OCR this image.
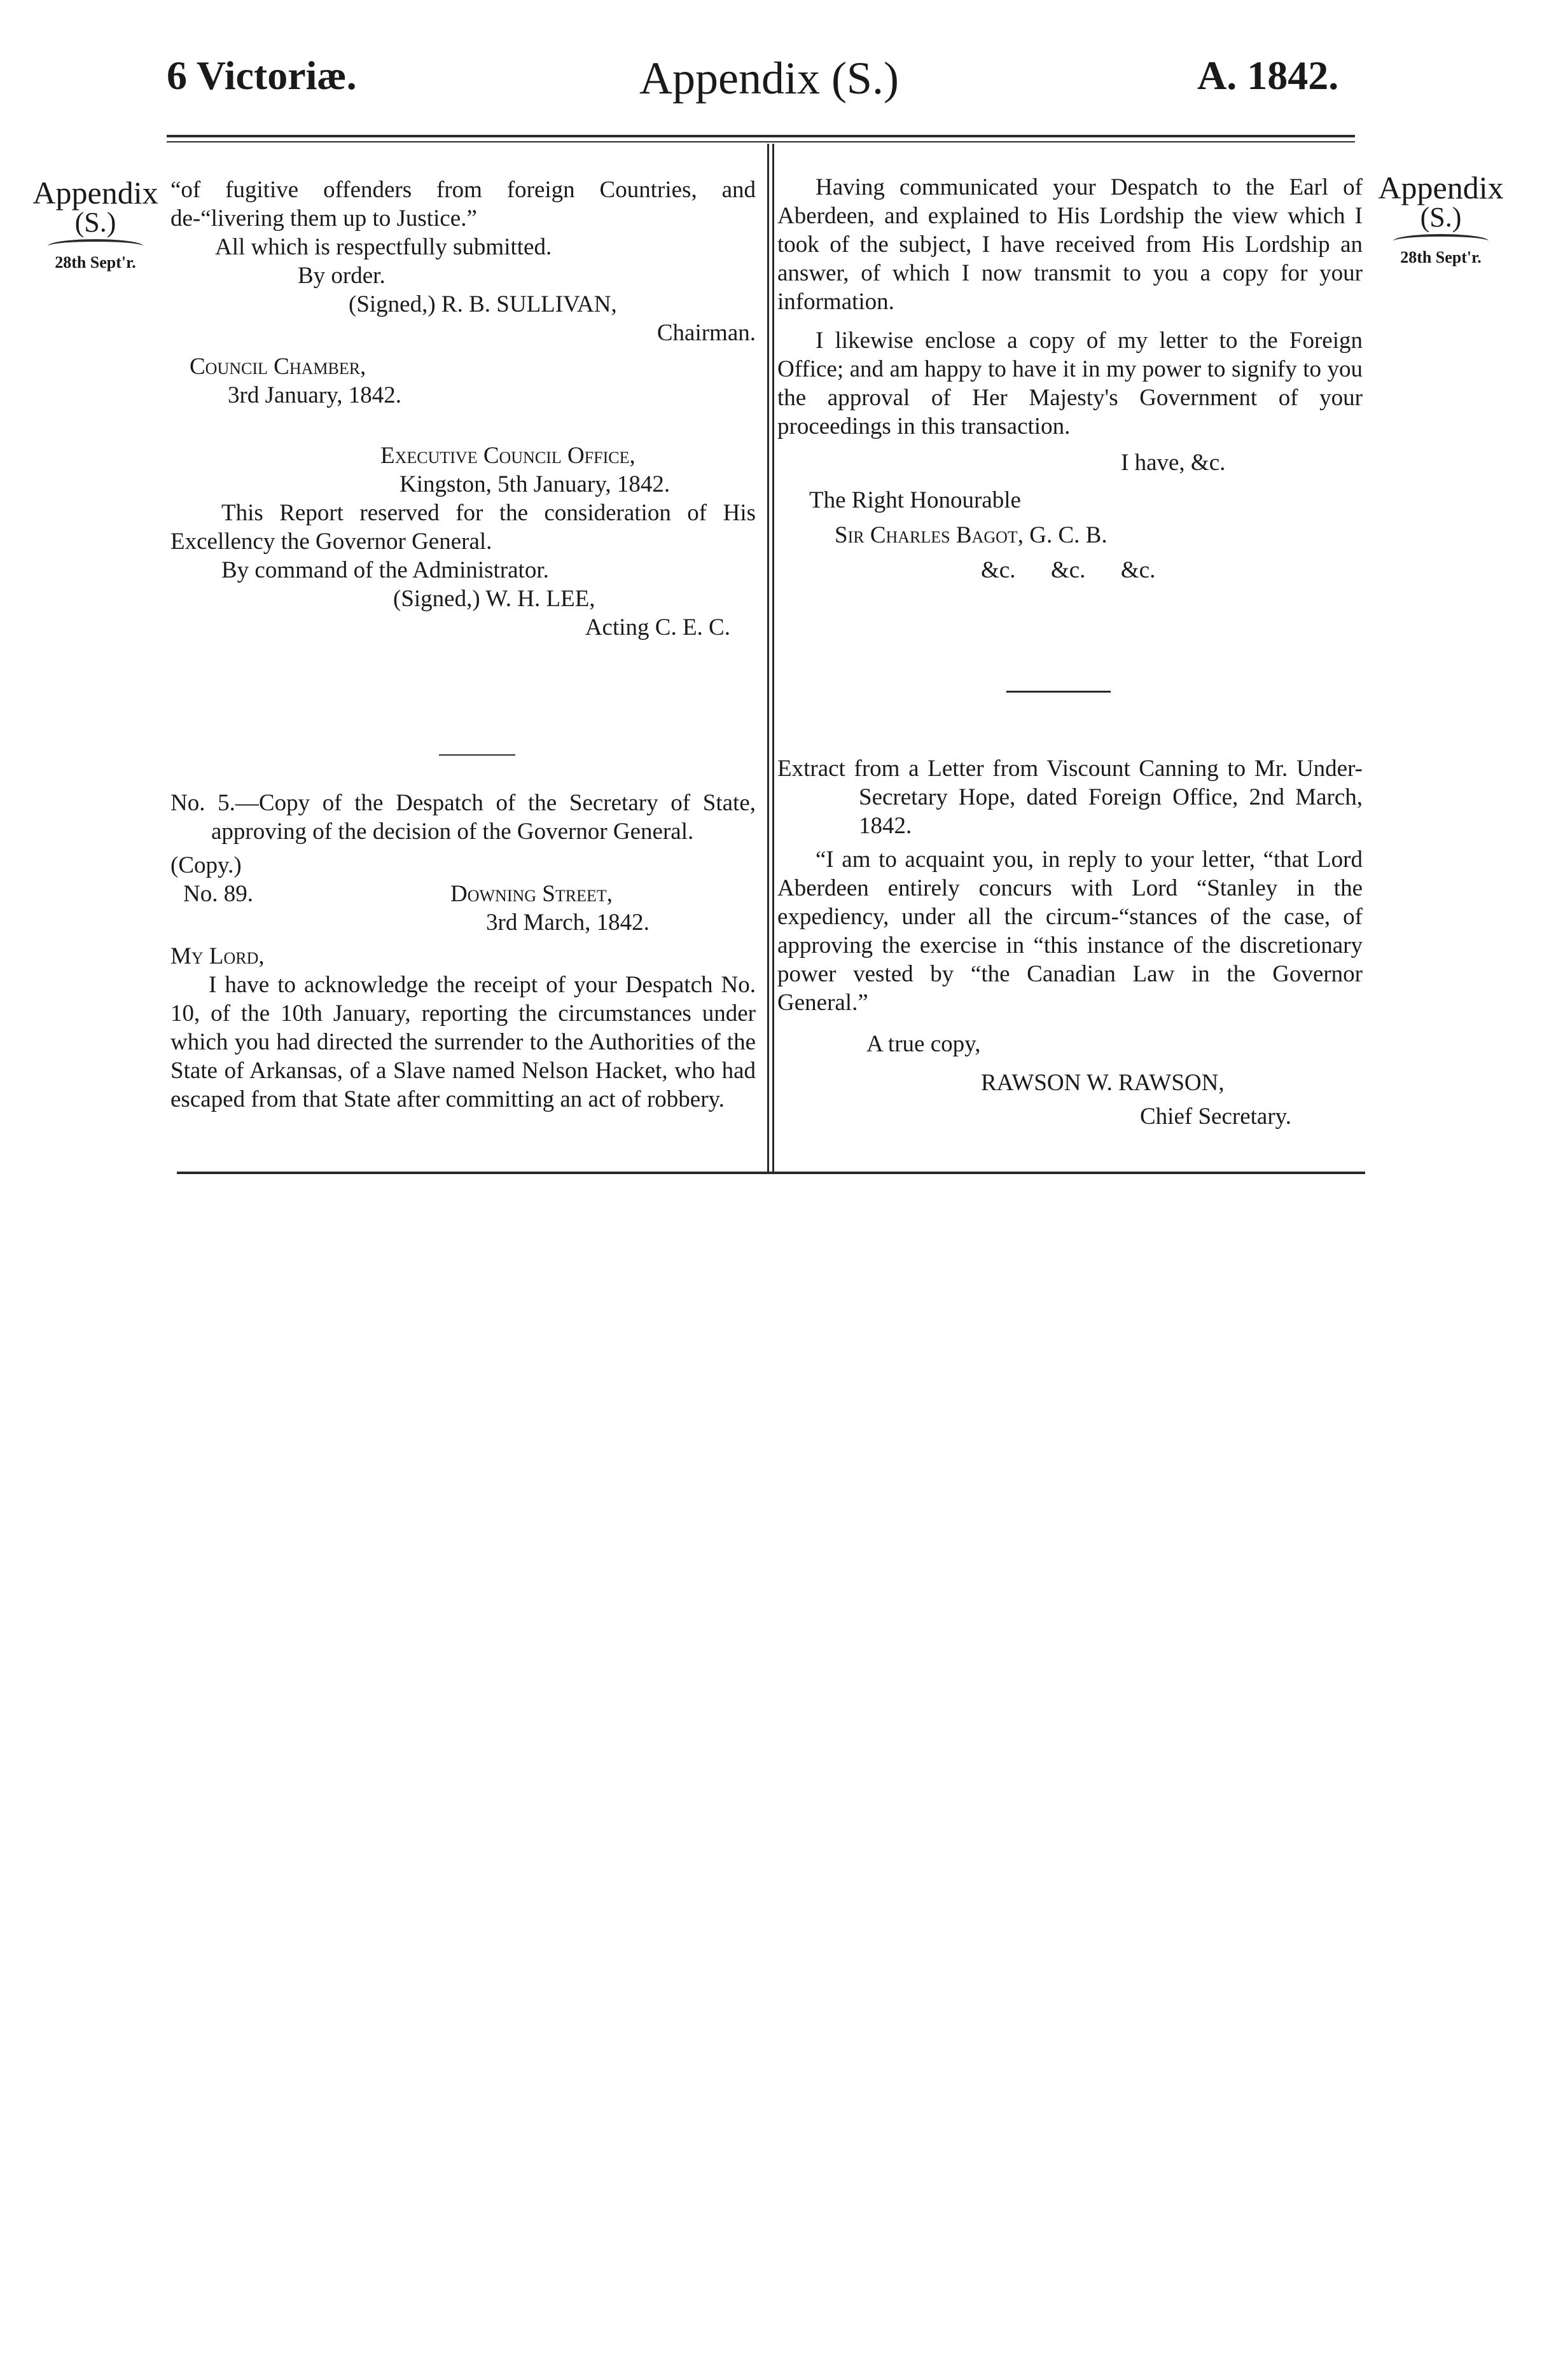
6 Victoriæ.	Appendix (S.)	A. 1842.
Appendix
(S.)
28th Sept'r.
Appendix
(S.)
28th Sept'r.

“of fugitive offenders from foreign Countries, and de-“livering them up to Justice.”

All which is respectfully submitted.

By order.

(Signed,) R. B. SULLIVAN,

Chairman.

Council Chamber,

3rd January, 1842.

Executive Council Office,

Kingston, 5th January, 1842.

This Report reserved for the consideration of His Excellency the Governor General.

By command of the Administrator.

(Signed,) W. H. LEE,

Acting C. E. C.

No. 5.—Copy of the Despatch of the Secretary of State, approving of the decision of the Governor General.

(Copy.)

No. 89.	Downing Street,

3rd March, 1842.

My Lord,

I have to acknowledge the receipt of your Despatch No. 10, of the 10th January, reporting the circumstances under which you had directed the surrender to the Authorities of the State of Arkansas, of a Slave named Nelson Hacket, who had escaped from that State after committing an act of robbery.

Having communicated your Despatch to the Earl of Aberdeen, and explained to His Lordship the view which I took of the subject, I have received from His Lordship an answer, of which I now transmit to you a copy for your information.

I likewise enclose a copy of my letter to the Foreign Office; and am happy to have it in my power to signify to you the approval of Her Majesty's Government of your proceedings in this transaction.

I have, &c.

The Right Honourable

Sir Charles Bagot, G. C. B.

&c.      &c.      &c.

Extract from a Letter from Viscount Canning to Mr. Under-Secretary Hope, dated Foreign Office, 2nd March, 1842.

“I am to acquaint you, in reply to your letter, “that Lord Aberdeen entirely concurs with Lord “Stanley in the expediency, under all the circum-“stances of the case, of approving the exercise in “this instance of the discretionary power vested by “the Canadian Law in the Governor General.”

A true copy,

RAWSON W. RAWSON,

Chief Secretary.
